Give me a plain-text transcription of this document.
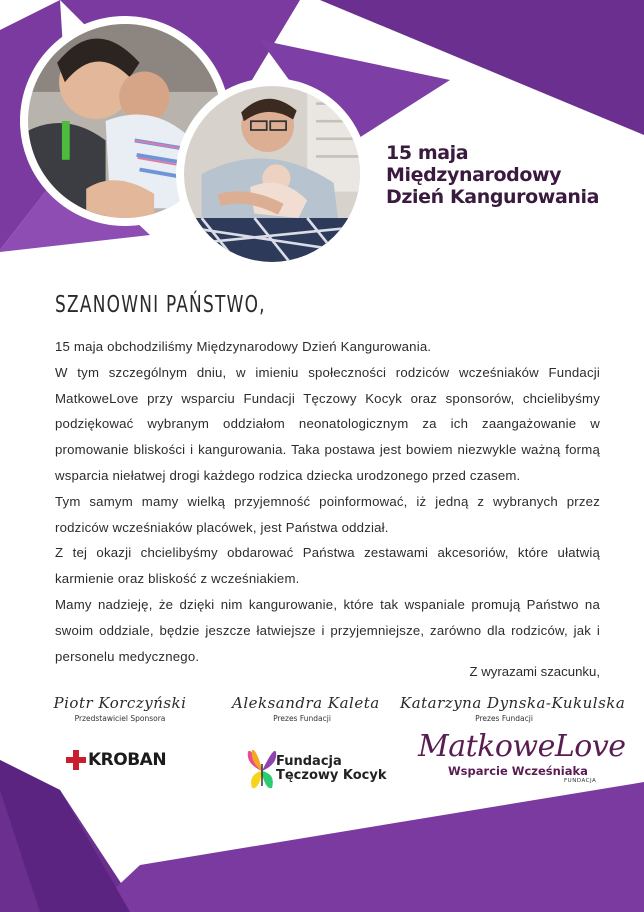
15 maja
Międzynarodowy
Dzień Kangurowania
SZANOWNI PAŃSTWO,

15 maja obchodziliśmy Międzynarodowy Dzień Kangurowania.

W tym szczególnym dniu, w imieniu społeczności rodziców wcześniaków Fundacji MatkoweLove przy wsparciu Fundacji Tęczowy Kocyk oraz sponsorów, chcielibyśmy podziękować wybranym oddziałom neonatologicznym za ich zaangażowanie w promowanie bliskości i kangurowania. Taka postawa jest bowiem niezwykle ważną formą wsparcia niełatwej drogi każdego rodzica dziecka urodzonego przed czasem.

Tym samym mamy wielką przyjemność poinformować, iż jedną z wybranych przez rodziców wcześniaków placówek, jest Państwa oddział.

Z tej okazji chcielibyśmy obdarować Państwa zestawami akcesoriów, które ułatwią karmienie oraz bliskość z wcześniakiem.

Mamy nadzieję, że dzięki nim kangurowanie, które tak wspaniale promują Państwo na swoim oddziale, będzie jeszcze łatwiejsze i przyjemniejsze, zarówno dla rodziców, jak i personelu medycznego.

Z wyrazami szacunku,
Piotr Korczyński
Przedstawiciel Sponsora
Aleksandra Kaleta
Prezes Fundacji
Katarzyna Dynska-Kukulska
Prezes Fundacji
KROBAN	Fundacja
Tęczowy Kocyk
MatkoweLove
Wsparcie Wcześniaka
FUNDACJA
